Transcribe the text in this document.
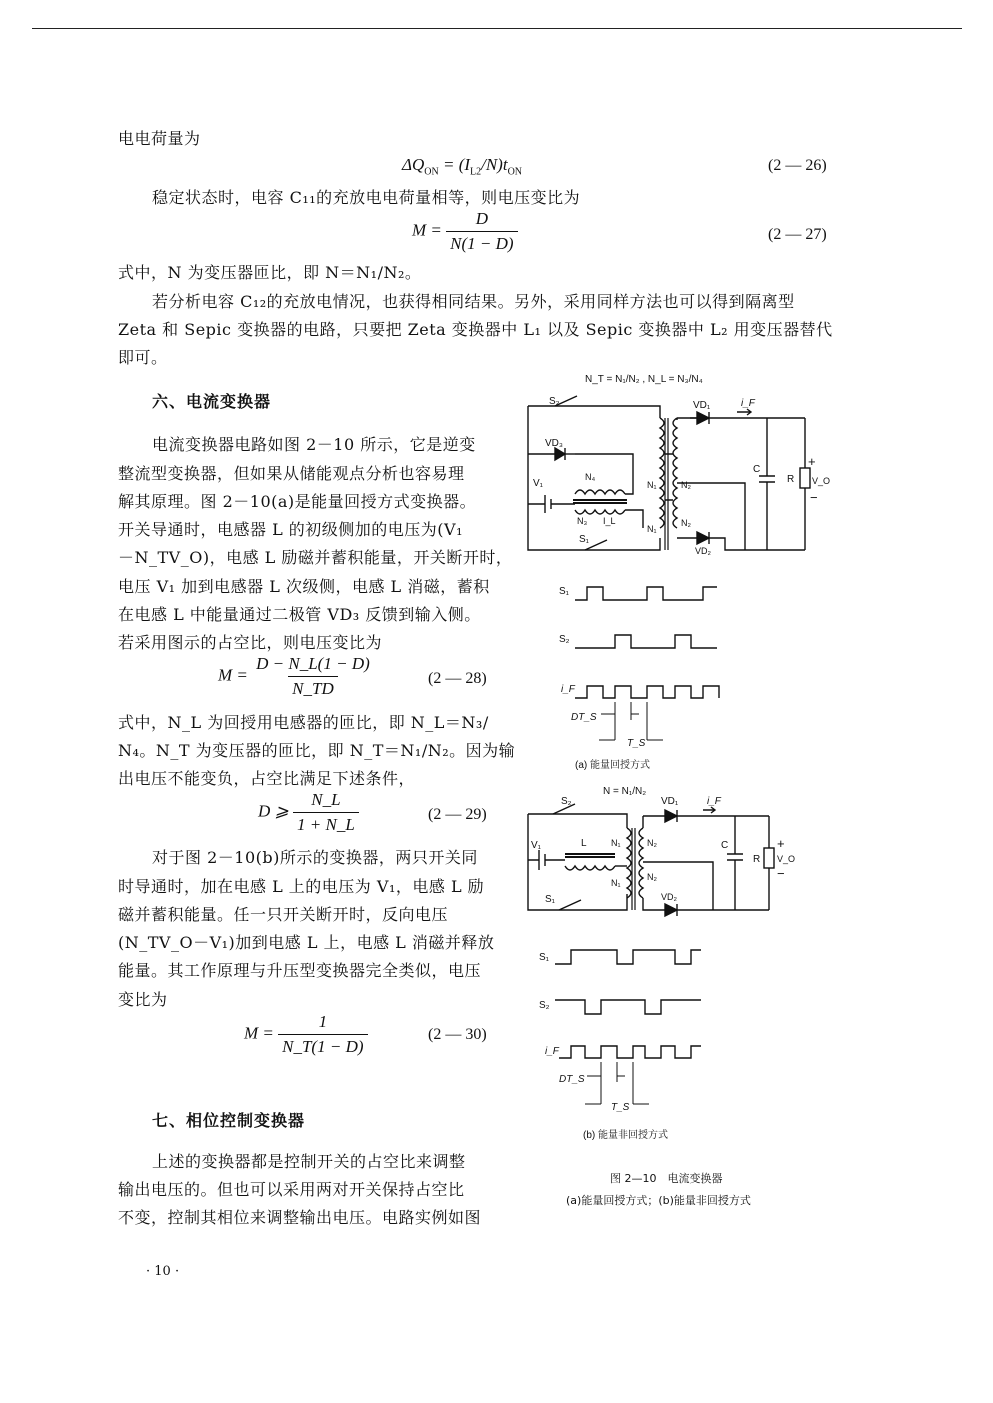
电电荷量为
$\Delta Q_{ON} = (I_{L2}/N)t_{ON}$	(2 — 26)
稳定状态时，电容 C₁₁的充放电电荷量相等，则电压变比为
$M = \frac{D}{N(1 - D)}$	(2 — 27)
式中，N 为变压器匝比，即 N＝N₁/N₂。
若分析电容 C₁₂的充放电情况，也获得相同结果。另外，采用同样方法也可以得到隔离型
Zeta 和 Sepic 变换器的电路，只要把 Zeta 变换器中 L₁ 以及 Sepic 变换器中 L₂ 用变压器替代
即可。
六、电流变换器
电流变换器电路如图 2－10 所示，它是逆变
整流型变换器，但如果从储能观点分析也容易理
解其原理。图 2－10(a)是能量回授方式变换器。
开关导通时，电感器 L 的初级侧加的电压为(V₁
－N_TV_O)，电感 L 励磁并蓄积能量，开关断开时，
电压 V₁ 加到电感器 L 次级侧，电感 L 消磁，蓄积
在电感 L 中能量通过二极管 VD₃ 反馈到输入侧。
若采用图示的占空比，则电压变比为
$M = \frac{D - N\_L(1 - D)}{N\_TD}$	(2 — 28)
式中，N_L 为回授用电感器的匝比，即 N_L＝N₃/
N₄。N_T 为变压器的匝比，即 N_T＝N₁/N₂。因为输
出电压不能变负，占空比满足下述条件，
D ⩾ $\frac{N\_L}{1 + N\_L}$	(2 — 29)
对于图 2－10(b)所示的变换器，两只开关同
时导通时，加在电感 L 上的电压为 V₁，电感 L 励
磁并蓄积能量。任一只开关断开时，反向电压
(N_TV_O－V₁)加到电感 L 上，电感 L 消磁并释放
能量。其工作原理与升压型变换器完全类似，电压
变比为
$M = \frac{1}{N\_T(1 - D)}$	(2 — 30)
七、相位控制变换器
上述的变换器都是控制开关的占空比来调整
输出电压的。但也可以采用两对开关保持占空比
不变，控制其相位来调整输出电压。电路实例如图
· 10 ·
N_T = N₁/N₂ , N_L = N₃/N₄
S₂
VD₃
V₁
N₄
N₃ I_L
N₁
N₁
N₂
N₂
S₁
VD₁
VD₂
i_F
C
R V_O
+
−
S₁
S₂
i_F
DT_S
T_S
(a) 能量回授方式
N = N₁/N₂
S₂
V₁	L	N₁
N₁
N₂
N₂
S₁
VD₁
VD₂
i_F
C
R V_O
+
−
S₁
S₂
i_F
DT_S
T_S
(b) 能量非回授方式
图 2—10　电流变换器
(a)能量回授方式；(b)能量非回授方式
